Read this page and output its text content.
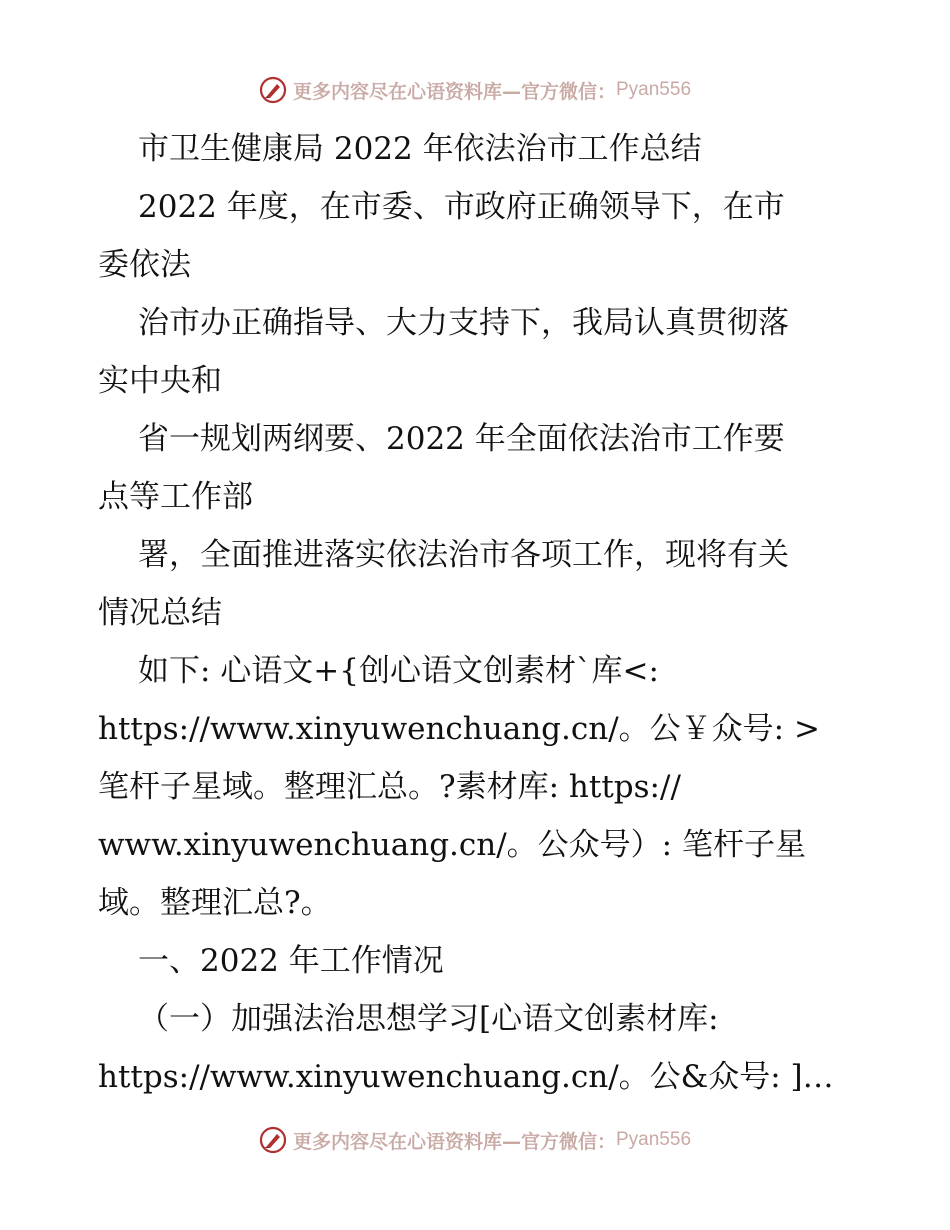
更多内容尽在心语资料库—官方微信： Pyan556
市卫生健康局 2022 年依法治市工作总结
2022 年度，在市委、市政府正确领导下，在市
委依法
治市办正确指导、大力支持下，我局认真贯彻落
实中央和
省一规划两纲要、2022 年全面依法治市工作要
点等工作部
署，全面推进落实依法治市各项工作，现将有关
情况总结
如下: 心语文+{创心语文创素材`库<:
https://www.xinyuwenchuang.cn/。公￥众号: >
笔杆子星域。整理汇总。?素材库: https://
www.xinyuwenchuang.cn/。公众号）: 笔杆子星
域。整理汇总?。
一、2022 年工作情况
（一）加强法治思想学习[心语文创素材库:
https://www.xinyuwenchuang.cn/。公&众号: ]…
更多内容尽在心语资料库—官方微信： Pyan556
